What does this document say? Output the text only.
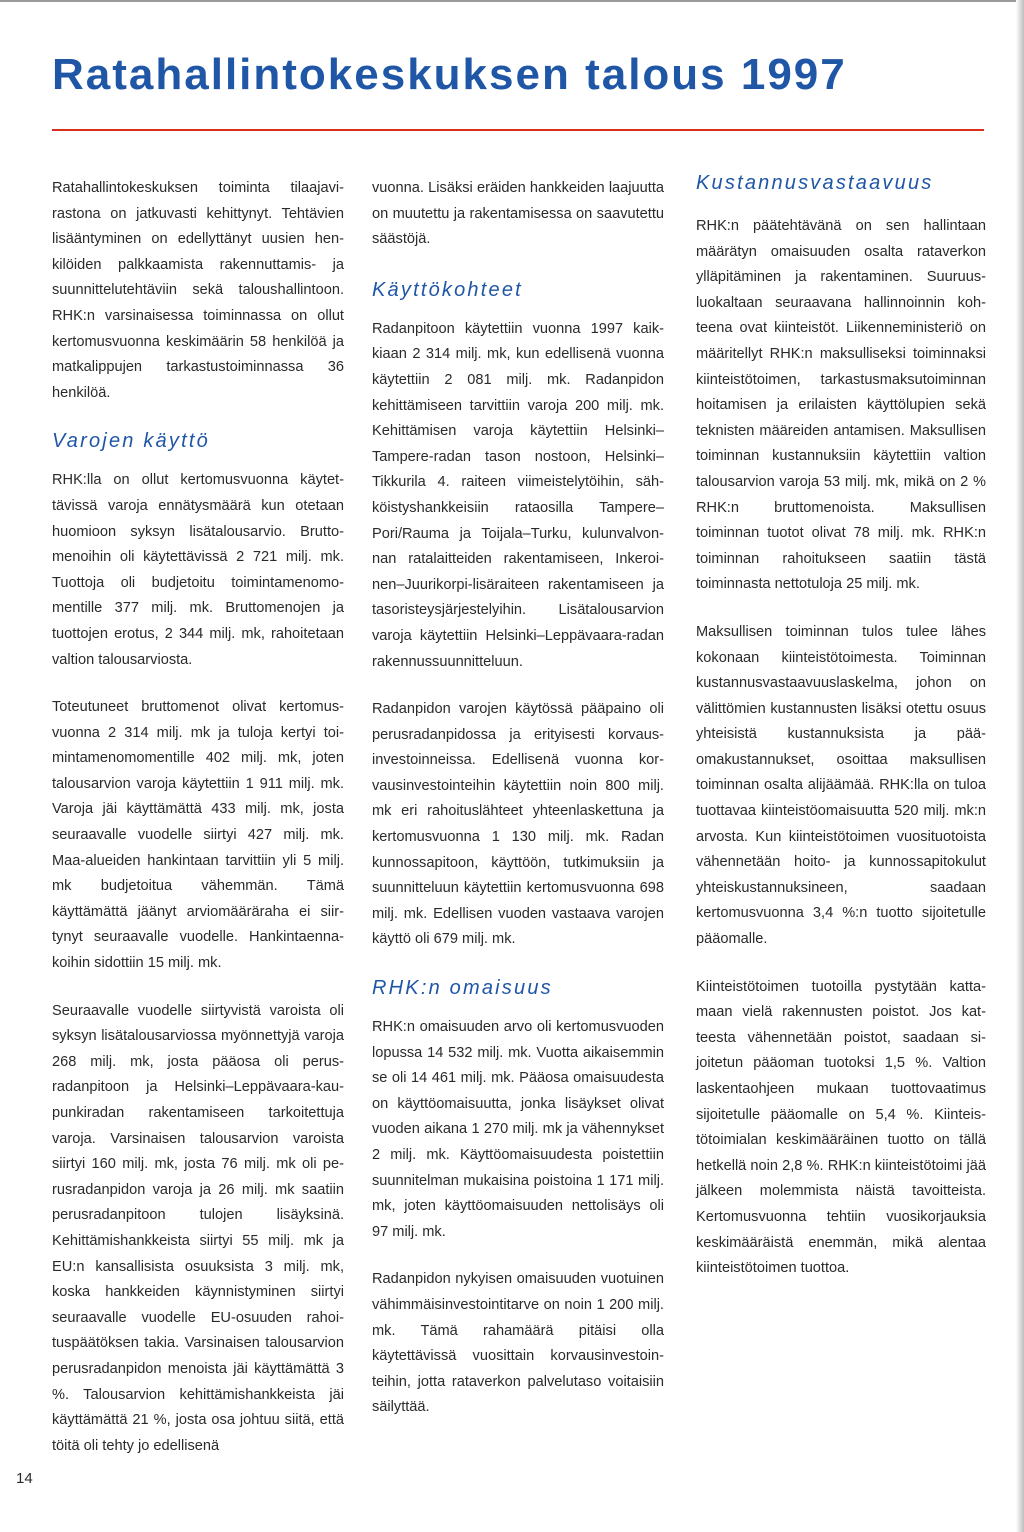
Ratahallintokeskuksen talous 1997

Ratahallintokeskuksen toiminta tilaajavirastona on jatkuvasti kehittynyt. Tehtävien lisääntyminen on edellyttänyt uusien henkilöiden palkkaamista rakennuttamis- ja suunnittelutehtäviin sekä taloushallintoon. RHK:n varsinaisessa toiminnassa on ollut kertomusvuonna keskimäärin 58 henkilöä ja matkalippujen tarkastustoiminnassa 36 henkilöä.

Varojen käyttö

RHK:lla on ollut kertomusvuonna käytettävissä varoja ennätysmäärä kun otetaan huomioon syksyn lisätalousarvio. Bruttomenoihin oli käytettävissä 2 721 milj. mk. Tuottoja oli budjetoitu toimintamenomomentille 377 milj. mk. Bruttomenojen ja tuottojen erotus, 2 344 milj. mk, rahoitetaan valtion talousarviosta.

Toteutuneet bruttomenot olivat kertomusvuonna 2 314 milj. mk ja tuloja kertyi toimintamenomomentille 402 milj. mk, joten talousarvion varoja käytettiin 1 911 milj. mk. Varoja jäi käyttämättä 433 milj. mk, josta seuraavalle vuodelle siirtyi 427 milj. mk. Maa-alueiden hankintaan tarvittiin yli 5 milj. mk budjetoitua vähemmän. Tämä käyttämättä jäänyt arviomääräraha ei siirtynyt seuraavalle vuodelle. Hankintaennakoihin sidottiin 15 milj. mk.

Seuraavalle vuodelle siirtyvistä varoista oli syksyn lisätalousarviossa myönnettyjä varoja 268 milj. mk, josta pääosa oli perusradanpitoon ja Helsinki–Leppävaara-kaupunkiradan rakentamiseen tarkoitettuja varoja. Varsinaisen talousarvion varoista siirtyi 160 milj. mk, josta 76 milj. mk oli perusradanpidon varoja ja 26 milj. mk saatiin perusradanpitoon tulojen lisäyksinä. Kehittämishankkeista siirtyi 55 milj. mk ja EU:n kansallisista osuuksista 3 milj. mk, koska hankkeiden käynnistyminen siirtyi seuraavalle vuodelle EU-osuuden rahoituspäätöksen takia. Varsinaisen talousarvion perusradanpidon menoista jäi käyttämättä 3 %. Talousarvion kehittämishankkeista jäi käyttämättä 21 %, josta osa johtuu siitä, että töitä oli tehty jo edellisenä

vuonna. Lisäksi eräiden hankkeiden laajuutta on muutettu ja rakentamisessa on saavutettu säästöjä.

Käyttökohteet

Radanpitoon käytettiin vuonna 1997 kaikkiaan 2 314 milj. mk, kun edellisenä vuonna käytettiin 2 081 milj. mk. Radanpidon kehittämiseen tarvittiin varoja 200 milj. mk. Kehittämisen varoja käytettiin Helsinki–Tampere-radan tason nostoon, Helsinki–Tikkurila 4. raiteen viimeistelytöihin, sähköistyshankkeisiin rataosilla Tampere–Pori/Rauma ja Toijala–Turku, kulunvalvonnan ratalaitteiden rakentamiseen, Inkeroinen–Juurikorpi-lisäraiteen rakentamiseen ja tasoristeysjärjestelyihin. Lisätalousarvion varoja käytettiin Helsinki–Leppävaara-radan rakennussuunnitteluun.

Radanpidon varojen käytössä pääpaino oli perusradanpidossa ja erityisesti korvausinvestoinneissa. Edellisenä vuonna korvausinvestointeihin käytettiin noin 800 milj. mk eri rahoituslähteet yhteenlaskettuna ja kertomusvuonna 1 130 milj. mk. Radan kunnossapitoon, käyttöön, tutkimuksiin ja suunnitteluun käytettiin kertomusvuonna 698 milj. mk. Edellisen vuoden vastaava varojen käyttö oli 679 milj. mk.

RHK:n omaisuus

RHK:n omaisuuden arvo oli kertomusvuoden lopussa 14 532 milj. mk. Vuotta aikaisemmin se oli 14 461 milj. mk. Pääosa omaisuudesta on käyttöomaisuutta, jonka lisäykset olivat vuoden aikana 1 270 milj. mk ja vähennykset 2 milj. mk. Käyttöomaisuudesta poistettiin suunnitelman mukaisina poistoina 1 171 milj. mk, joten käyttöomaisuuden nettolisäys oli 97 milj. mk.

Radanpidon nykyisen omaisuuden vuotuinen vähimmäisinvestointitarve on noin 1 200 milj. mk. Tämä rahamäärä pitäisi olla käytettävissä vuosittain korvausinvestointeihin, jotta rataverkon palvelutaso voitaisiin säilyttää.

Kustannusvastaavuus

RHK:n päätehtävänä on sen hallintaan määrätyn omaisuuden osalta rataverkon ylläpitäminen ja rakentaminen. Suuruusluokaltaan seuraavana hallinnoinnin kohteena ovat kiinteistöt. Liikenneministeriö on määritellyt RHK:n maksulliseksi toiminnaksi kiinteistötoimen, tarkastusmaksutoiminnan hoitamisen ja erilaisten käyttölupien sekä teknisten määreiden antamisen. Maksullisen toiminnan kustannuksiin käytettiin valtion talousarvion varoja 53 milj. mk, mikä on 2 % RHK:n bruttomenoista. Maksullisen toiminnan tuotot olivat 78 milj. mk. RHK:n toiminnan rahoitukseen saatiin tästä toiminnasta nettotuloja 25 milj. mk.

Maksullisen toiminnan tulos tulee lähes kokonaan kiinteistötoimesta. Toiminnan kustannusvastaavuuslaskelma, johon on välittömien kustannusten lisäksi otettu osuus yhteisistä kustannuksista ja pääomakustannukset, osoittaa maksullisen toiminnan osalta alijäämää. RHK:lla on tuloa tuottavaa kiinteistöomaisuutta 520 milj. mk:n arvosta. Kun kiinteistötoimen vuosituotoista vähennetään hoito- ja kunnossapitokulut yhteiskustannuksineen, saadaan kertomusvuonna 3,4 %:n tuotto sijoitetulle pääomalle.

Kiinteistötoimen tuotoilla pystytään kattamaan vielä rakennusten poistot. Jos katteesta vähennetään poistot, saadaan sijoitetun pääoman tuotoksi 1,5 %. Valtion laskentaohjeen mukaan tuottovaatimus sijoitetulle pääomalle on 5,4 %. Kiinteistötoimialan keskimääräinen tuotto on tällä hetkellä noin 2,8 %. RHK:n kiinteistötoimi jää jälkeen molemmista näistä tavoitteista. Kertomusvuonna tehtiin vuosikorjauksia keskimääräistä enemmän, mikä alentaa kiinteistötoimen tuottoa.

14
